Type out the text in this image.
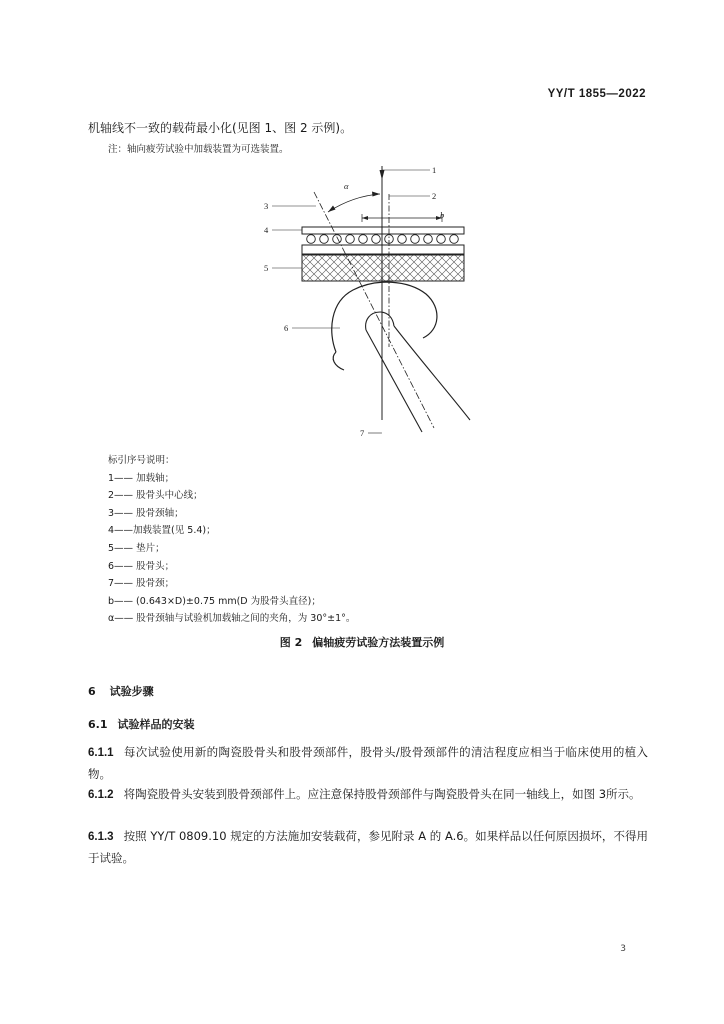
YY/T 1855—2022
机轴线不一致的载荷最小化(见图 1、图 2 示例)。
注：轴向疲劳试验中加载装置为可选装置。
α
b
1
2
3
4
5
6
7
标引序号说明：
1—— 加载轴；
2—— 股骨头中心线；
3—— 股骨颈轴；
4——加载装置(见 5.4)；
5—— 垫片；
6—— 股骨头；
7—— 股骨颈；
b—— (0.643×D)±0.75 mm(D 为股骨头直径)；
α—— 股骨颈轴与试验机加载轴之间的夹角，为 30°±1°。
图 2 偏轴疲劳试验方法装置示例
6 试验步骤
6.1 试验样品的安装
6.1.1 每次试验使用新的陶瓷股骨头和股骨颈部件，股骨头/股骨颈部件的清洁程度应相当于临床使用的植入物。
6.1.2 将陶瓷股骨头安装到股骨颈部件上。应注意保持股骨颈部件与陶瓷股骨头在同一轴线上，如图 3所示。
6.1.3 按照 YY/T 0809.10 规定的方法施加安装载荷，参见附录 A 的 A.6。如果样品以任何原因损坏，不得用于试验。
3
